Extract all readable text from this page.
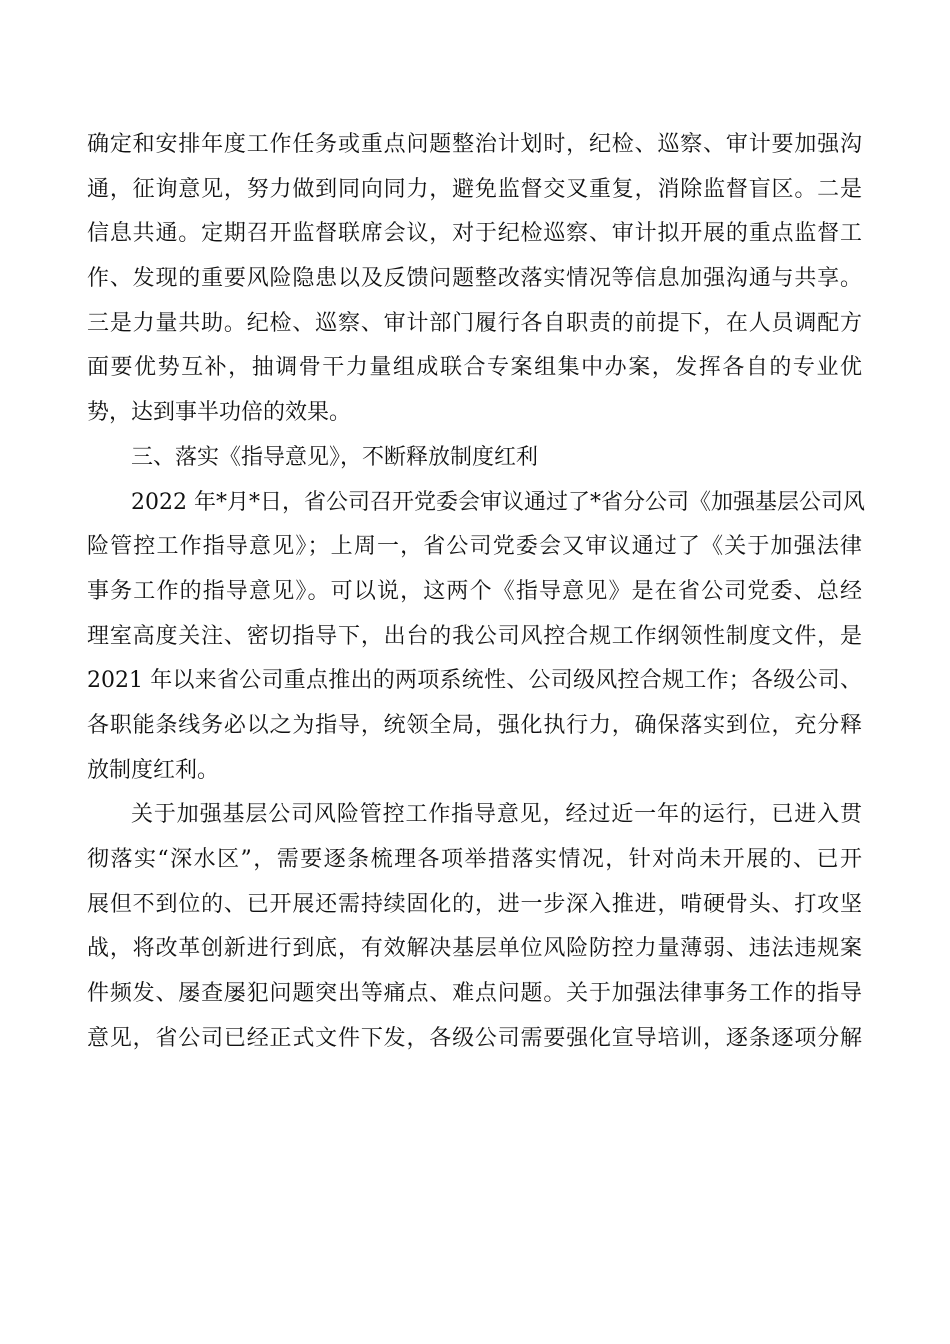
确定和安排年度工作任务或重点问题整治计划时，纪检、巡察、审计要加强沟
通，征询意见，努力做到同向同力，避免监督交叉重复，消除监督盲区。二是
信息共通。定期召开监督联席会议，对于纪检巡察、审计拟开展的重点监督工
作、发现的重要风险隐患以及反馈问题整改落实情况等信息加强沟通与共享。
三是力量共助。纪检、巡察、审计部门履行各自职责的前提下，在人员调配方
面要优势互补，抽调骨干力量组成联合专案组集中办案，发挥各自的专业优
势，达到事半功倍的效果。
三、落实《指导意见》，不断释放制度红利
2022 年*月*日，省公司召开党委会审议通过了*省分公司《加强基层公司风
险管控工作指导意见》；上周一，省公司党委会又审议通过了《关于加强法律
事务工作的指导意见》。可以说，这两个《指导意见》是在省公司党委、总经
理室高度关注、密切指导下，出台的我公司风控合规工作纲领性制度文件，是
2021 年以来省公司重点推出的两项系统性、公司级风控合规工作；各级公司、
各职能条线务必以之为指导，统领全局，强化执行力，确保落实到位，充分释
放制度红利。
关于加强基层公司风险管控工作指导意见，经过近一年的运行，已进入贯
彻落实“深水区”，需要逐条梳理各项举措落实情况，针对尚未开展的、已开
展但不到位的、已开展还需持续固化的，进一步深入推进，啃硬骨头、打攻坚
战，将改革创新进行到底，有效解决基层单位风险防控力量薄弱、违法违规案
件频发、屡查屡犯问题突出等痛点、难点问题。关于加强法律事务工作的指导
意见，省公司已经正式文件下发，各级公司需要强化宣导培训，逐条逐项分解
